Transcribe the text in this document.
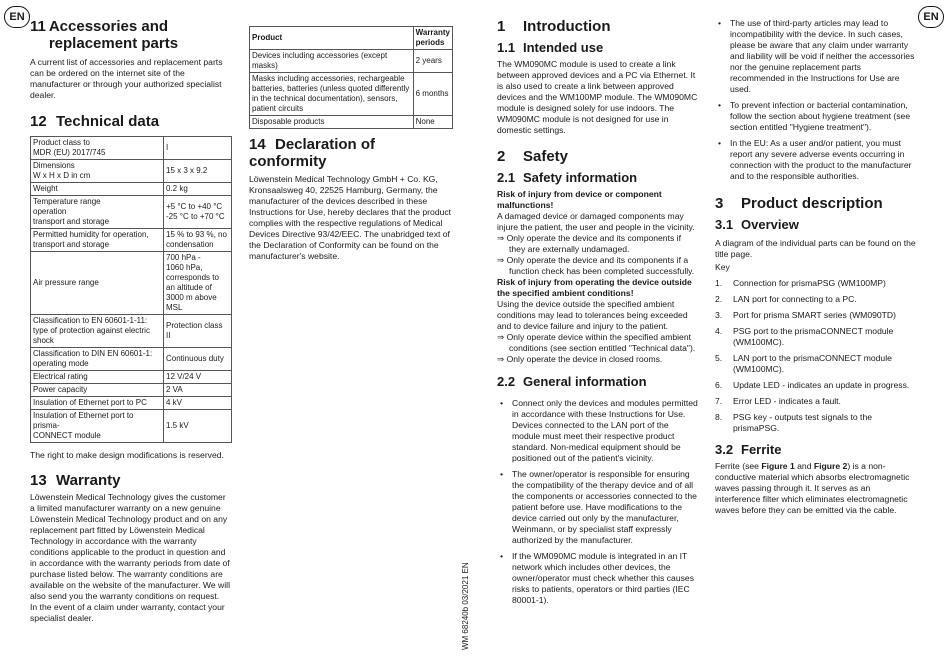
EN	EN
11 Accessories and replacement parts

A current list of accessories and replacement parts can be ordered on the internet site of the manufacturer or through your authorized specialist dealer.

12 Technical data
Product class to
MDR (EU) 2017/745	I
Dimensions
W x H x D in cm	15 x 3 x 9.2
Weight	0.2 kg
Temperature range
operation
transport and storage	+5 °C to +40 °C
-25 °C to +70 °C
Permitted humidity for operation, transport and storage	15 % to 93 %, no condensation
Air pressure range	700 hPa -
1060 hPa, corresponds to an altitude of 3000 m above MSL
Classification to EN 60601-1-11:
type of protection against electric shock	Protection class II
Classification to DIN EN 60601-1:
operating mode	Continuous duty
Electrical rating	12 V/24 V
Power capacity	2 VA
Insulation of Ethernet port to PC	4 kV
Insulation of Ethernet port to prisma-
CONNECT module	1.5 kV

The right to make design modifications is reserved.

13 Warranty

Löwenstein Medical Technology gives the customer a limited manufacturer warranty on a new genuine Löwenstein Medical Technology product and on any replacement part fitted by Löwenstein Medical Technology in accordance with the warranty conditions applicable to the product in question and in accordance with the warranty periods from date of purchase listed below. The warranty conditions are available on the website of the manufacturer. We will also send you the warranty conditions on request.
In the event of a claim under warranty, contact your specialist dealer.

Product	Warranty periods
Devices including accessories (except masks)	2 years
Masks including accessories, rechargeable batteries, batteries (unless quoted differently in the technical documentation), sensors, patient circuits	6 months
Disposable products	None
14 Declaration of conformity

Löwenstein Medical Technology GmbH + Co. KG, Kronsaalsweg 40, 22525 Hamburg, Germany, the manufacturer of the devices described in these Instructions for Use, hereby declares that the product complies with the respective regulations of Medical Devices Directive 93/42/EEC. The unabridged text of the Declaration of Conformity can be found on the manufacturer's website.

WM 68240b 03/2021 EN
1 Introduction
1.1 Intended use

The WM090MC module is used to create a link between approved devices and a PC via Ethernet. It is also used to create a link between approved devices and the WM100MP module. The WM090MC module is designed solely for use indoors. The WM090MC module is not designed for use in domestic settings.

2 Safety
2.1 Safety information
Risk of injury from device or component malfunctions!

A damaged device or damaged components may injure the patient, the user and people in the vicinity.

⇒ Only operate the device and its components if they are externally undamaged.
⇒ Only operate the device and its components if a function check has been completed successfully.
Risk of injury from operating the device outside the specified ambient conditions!

Using the device outside the specified ambient conditions may lead to tolerances being exceeded and to device failure and injury to the patient.

⇒ Only operate device within the specified ambient conditions (see section entitled "Technical data").
⇒ Only operate the device in closed rooms.
2.2 General information
• Connect only the devices and modules permitted in accordance with these Instructions for Use. Devices connected to the LAN port of the module must meet their respective product standard. Non-medical equipment should be positioned out of the patient's vicinity.
• The owner/operator is responsible for ensuring the compatibility of the therapy device and of all the components or accessories connected to the patient before use. Have modifications to the device carried out only by the manufacturer, Weinmann, or by specialist staff expressly authorized by the manufacturer.
• If the WM090MC module is integrated in an IT network which includes other devices, the owner/operator must check whether this causes risks to patients, operators or third parties (IEC 80001-1).
• The use of third-party articles may lead to incompatibility with the device. In such cases, please be aware that any claim under warranty and liability will be void if neither the accessories nor the genuine replacement parts recommended in the Instructions for Use are used.
• To prevent infection or bacterial contamination, follow the section about hygiene treatment (see section entitled "Hygiene treatment").
• In the EU: As a user and/or patient, you must report any severe adverse events occurring in connection with the product to the manufacturer and to the responsible authorities.
3 Product description
3.1 Overview

A diagram of the individual parts can be found on the title page.

Key

1. Connection for prismaPSG (WM100MP)
2. LAN port for connecting to a PC.
3. Port for prisma SMART series (WM090TD)
4. PSG port to the prismaCONNECT module (WM100MC).
5. LAN port to the prismaCONNECT module (WM100MC).
6. Update LED - indicates an update in progress.
7. Error LED - indicates a fault.
8. PSG key - outputs test signals to the prismaPSG.
3.2 Ferrite

Ferrite (see Figure 1 and Figure 2) is a non-conductive material which absorbs electromagnetic waves passing through it. It serves as an interference filter which eliminates electromagnetic waves before they can be emitted via the cable.
